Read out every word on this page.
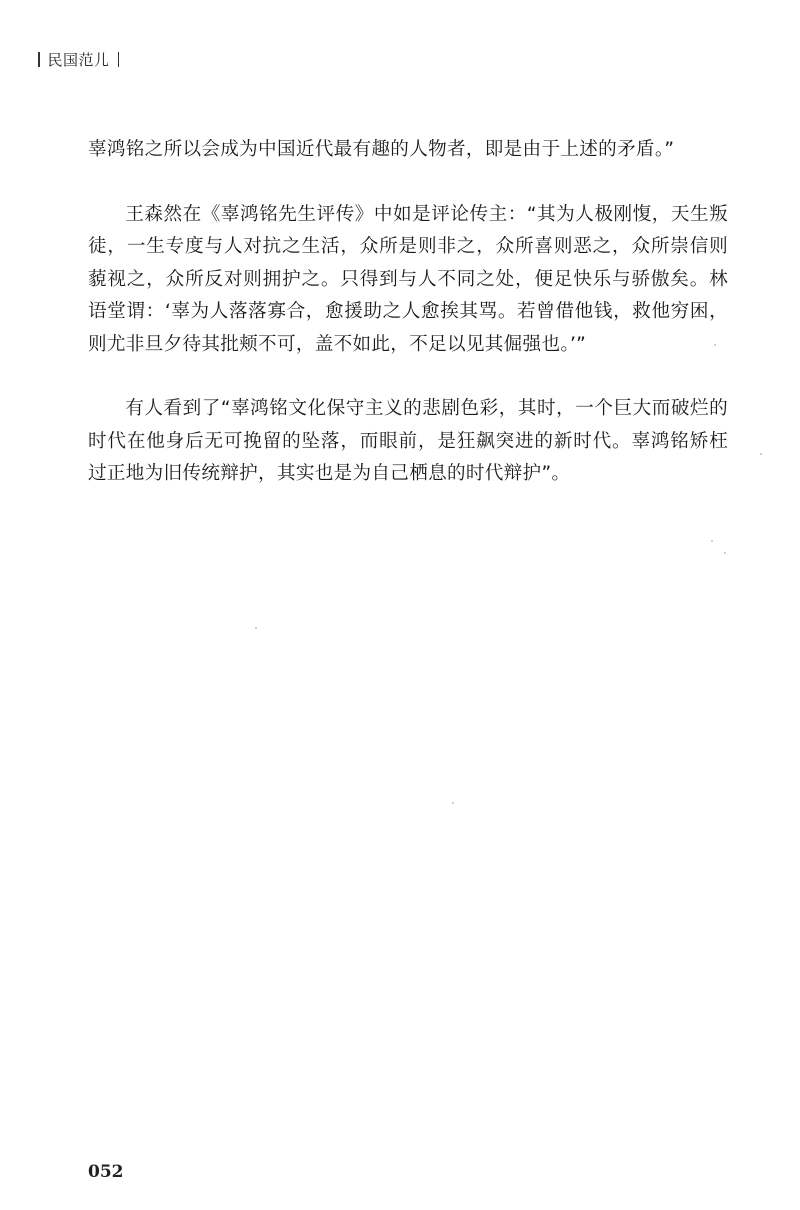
民国范儿

辜鸿铭之所以会成为中国近代最有趣的人物者，即是由于上述的矛盾。”

王森然在《辜鸿铭先生评传》中如是评论传主：“其为人极刚愎，天生叛徒，一生专度与人对抗之生活，众所是则非之，众所喜则恶之，众所崇信则藐视之，众所反对则拥护之。只得到与人不同之处，便足快乐与骄傲矣。林语堂谓：‘辜为人落落寡合，愈援助之人愈挨其骂。若曾借他钱，救他穷困，则尤非旦夕待其批颊不可，盖不如此，不足以见其倔强也。’”

有人看到了“辜鸿铭文化保守主义的悲剧色彩，其时，一个巨大而破烂的时代在他身后无可挽留的坠落，而眼前，是狂飙突进的新时代。辜鸿铭矫枉过正地为旧传统辩护，其实也是为自己栖息的时代辩护”。

052
